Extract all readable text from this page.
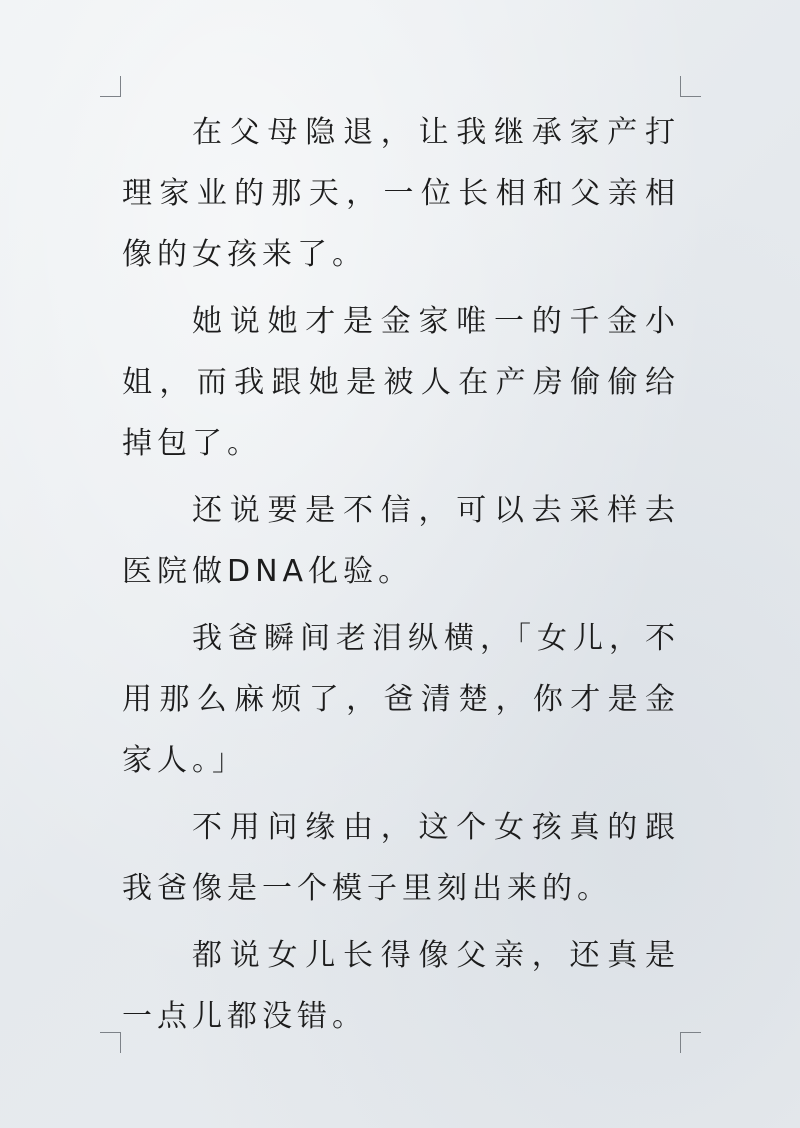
在父母隐退，让我继承家产打理家业的那天，一位长相和父亲相像的女孩来了。

她说她才是金家唯一的千金小姐，而我跟她是被人在产房偷偷给掉包了。

还说要是不信，可以去采样去医院做DNA化验。

我爸瞬间老泪纵横，「女儿，不用那么麻烦了，爸清楚，你才是金家人。」

不用问缘由，这个女孩真的跟我爸像是一个模子里刻出来的。

都说女儿长得像父亲，还真是一点儿都没错。
